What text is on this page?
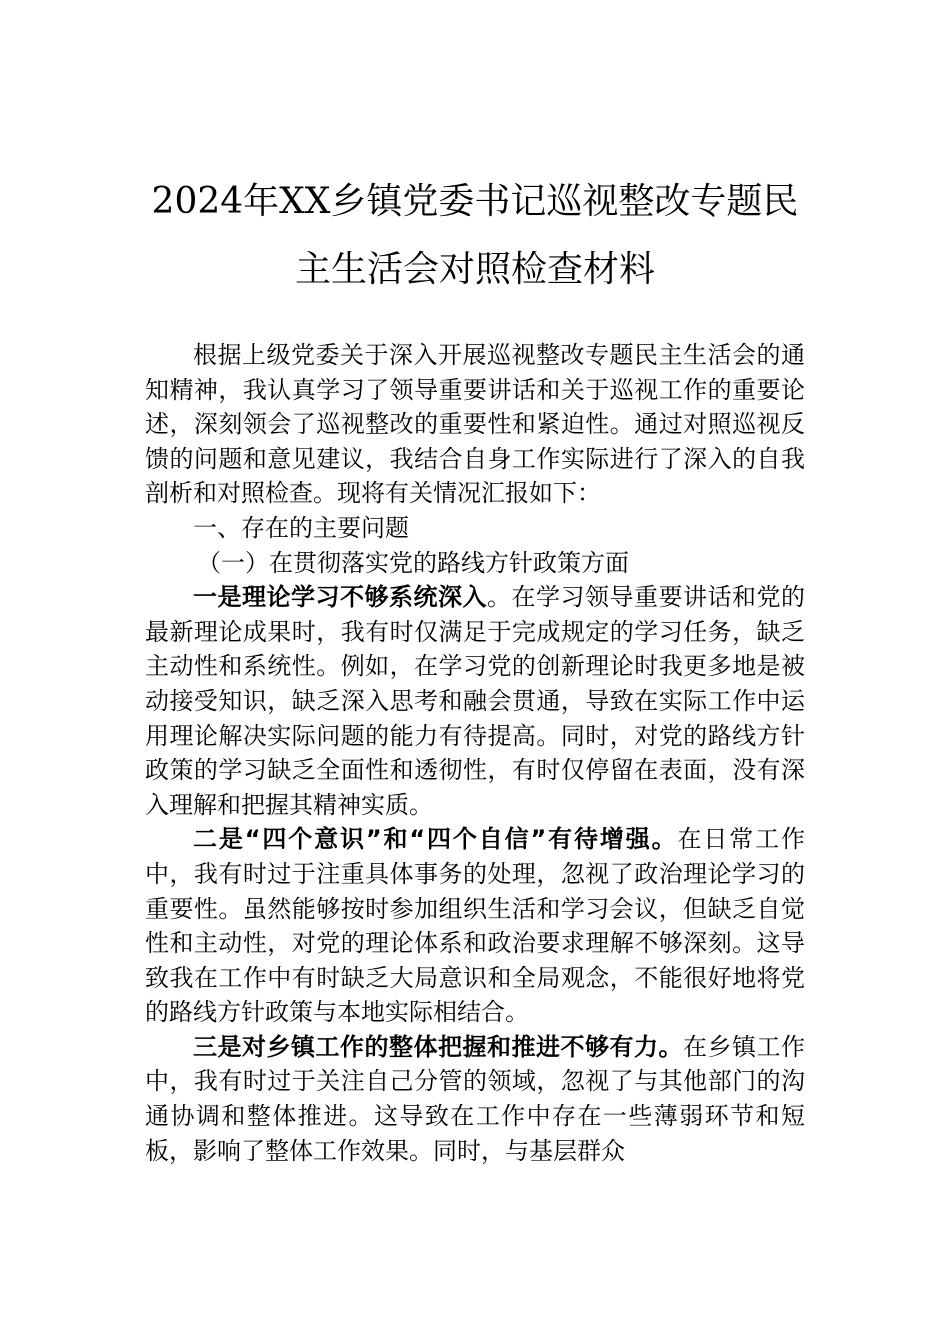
2024年XX乡镇党委书记巡视整改专题民
主生活会对照检查材料

根据上级党委关于深入开展巡视整改专题民主生活会的通知精神，我认真学习了领导重要讲话和关于巡视工作的重要论述，深刻领会了巡视整改的重要性和紧迫性。通过对照巡视反馈的问题和意见建议，我结合自身工作实际进行了深入的自我剖析和对照检查。现将有关情况汇报如下：

一、存在的主要问题

（一）在贯彻落实党的路线方针政策方面

一是理论学习不够系统深入。在学习领导重要讲话和党的最新理论成果时，我有时仅满足于完成规定的学习任务，缺乏主动性和系统性。例如，在学习党的创新理论时我更多地是被动接受知识，缺乏深入思考和融会贯通，导致在实际工作中运用理论解决实际问题的能力有待提高。同时，对党的路线方针政策的学习缺乏全面性和透彻性，有时仅停留在表面，没有深入理解和把握其精神实质。

二是“四个意识”和“四个自信”有待增强。在日常工作中，我有时过于注重具体事务的处理，忽视了政治理论学习的重要性。虽然能够按时参加组织生活和学习会议，但缺乏自觉性和主动性，对党的理论体系和政治要求理解不够深刻。这导致我在工作中有时缺乏大局意识和全局观念，不能很好地将党的路线方针政策与本地实际相结合。

三是对乡镇工作的整体把握和推进不够有力。在乡镇工作中，我有时过于关注自己分管的领域，忽视了与其他部门的沟通协调和整体推进。这导致在工作中存在一些薄弱环节和短板，影响了整体工作效果。同时，与基层群众
